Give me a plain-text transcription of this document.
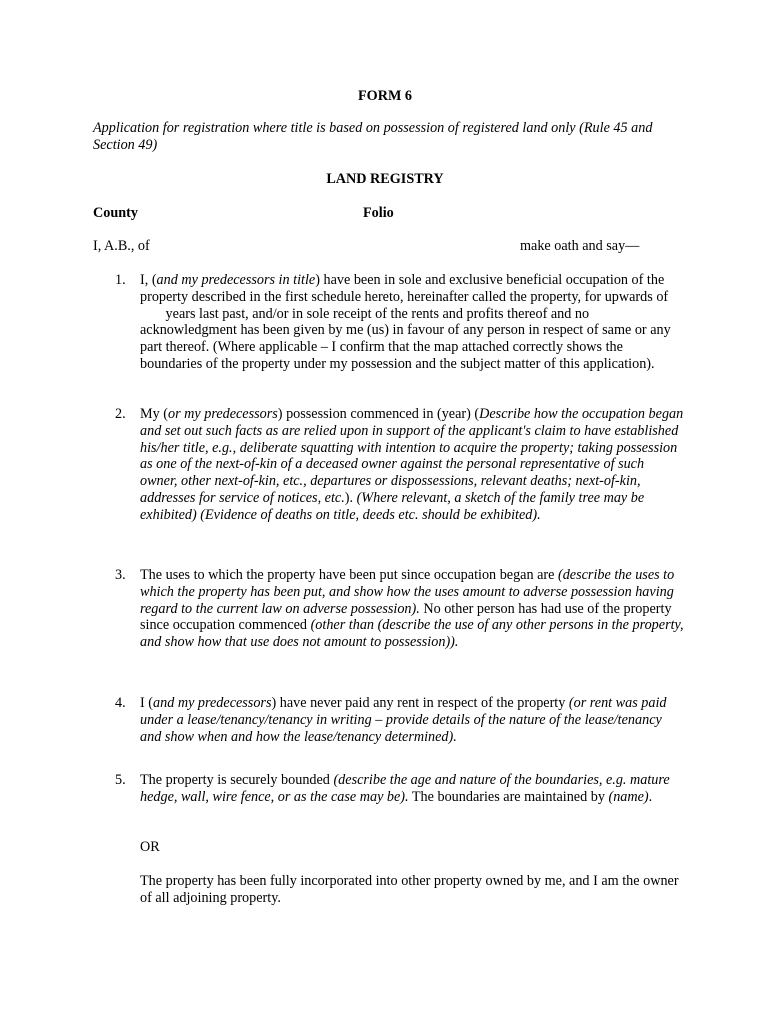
FORM 6
Application for registration where title is based on possession of registered land only (Rule 45 and Section 49)
LAND REGISTRY
County	Folio
I, A.B., of	make oath and say—
1. I, (and my predecessors in title) have been in sole and exclusive beneficial occupation of the property described in the first schedule hereto, hereinafter called the property, for upwards of years last past, and/or in sole receipt of the rents and profits thereof and no acknowledgment has been given by me (us) in favour of any person in respect of same or any part thereof. (Where applicable – I confirm that the map attached correctly shows the boundaries of the property under my possession and the subject matter of this application).
2. My (or my predecessors) possession commenced in (year) (Describe how the occupation began and set out such facts as are relied upon in support of the applicant's claim to have established his/her title, e.g., deliberate squatting with intention to acquire the property; taking possession as one of the next-of-kin of a deceased owner against the personal representative of such owner, other next-of-kin, etc., departures or dispossessions, relevant deaths; next-of-kin, addresses for service of notices, etc.). (Where relevant, a sketch of the family tree may be exhibited) (Evidence of deaths on title, deeds etc. should be exhibited).
3. The uses to which the property have been put since occupation began are (describe the uses to which the property has been put, and show how the uses amount to adverse possession having regard to the current law on adverse possession). No other person has had use of the property since occupation commenced (other than (describe the use of any other persons in the property, and show how that use does not amount to possession)).
4. I (and my predecessors) have never paid any rent in respect of the property (or rent was paid under a lease/tenancy/tenancy in writing – provide details of the nature of the lease/tenancy and show when and how the lease/tenancy determined).
5. The property is securely bounded (describe the age and nature of the boundaries, e.g. mature hedge, wall, wire fence, or as the case may be). The boundaries are maintained by (name).
OR
The property has been fully incorporated into other property owned by me, and I am the owner of all adjoining property.
